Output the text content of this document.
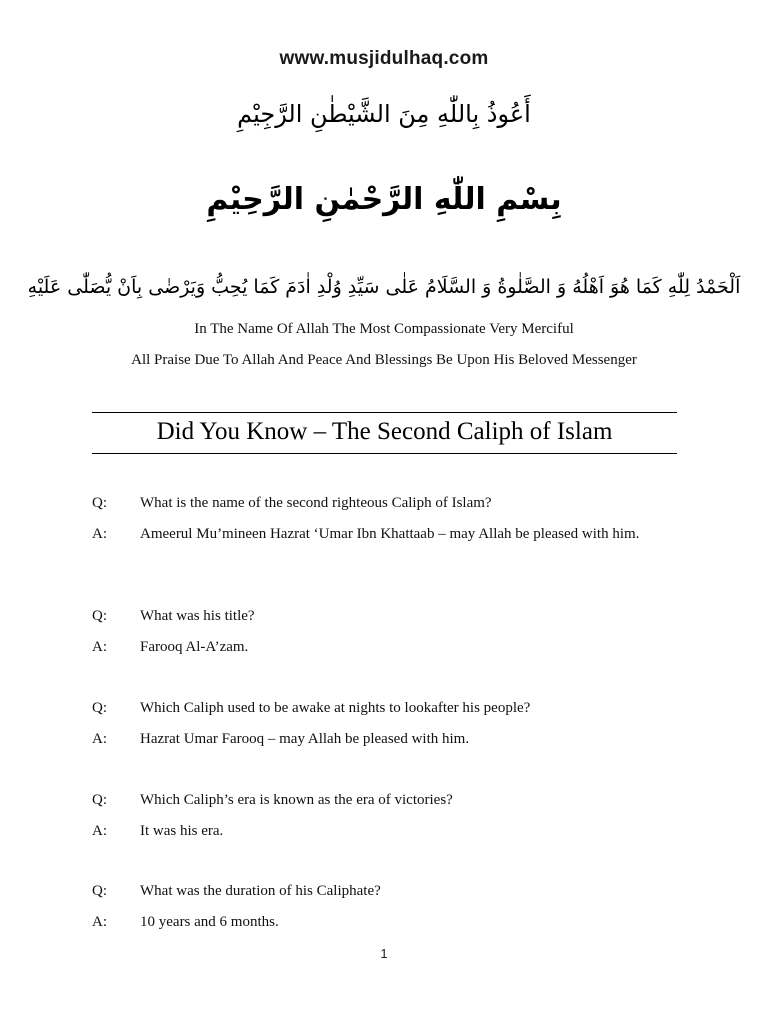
www.musjidulhaq.com
أَعُوذُ بِاللّٰهِ مِنَ الشَّيْطٰنِ الرَّجِيْمِ
بِسْمِ اللّٰهِ الرَّحْمٰنِ الرَّحِيْمِ
اَلْحَمْدُ لِلّٰهِ كَمَا هُوَ اَهْلُهُ وَ الصَّلٰوةُ وَ السَّلَامُ عَلٰى سَيِّدِ وُلْدِ اٰدَمَ كَمَا يُحِبُّ وَيَرْضٰى بِاَنْ يُّصَلّٰى عَلَيْهِ
In The Name Of Allah The Most Compassionate Very Merciful
All Praise Due To Allah And Peace And Blessings Be Upon His Beloved Messenger
Did You Know – The Second Caliph of Islam
Q:	What is the name of the second righteous Caliph of Islam?
A:	Ameerul Mu’mineen Hazrat ‘Umar Ibn Khattaab – may Allah be pleased with him.
Q:	What was his title?
A:	Farooq Al-A’zam.
Q:	Which Caliph used to be awake at nights to lookafter his people?
A:	Hazrat Umar Farooq – may Allah be pleased with him.
Q:	Which Caliph’s era is known as the era of victories?
A:	It was his era.
Q:	What was the duration of his Caliphate?
A:	10 years and 6 months.
1
